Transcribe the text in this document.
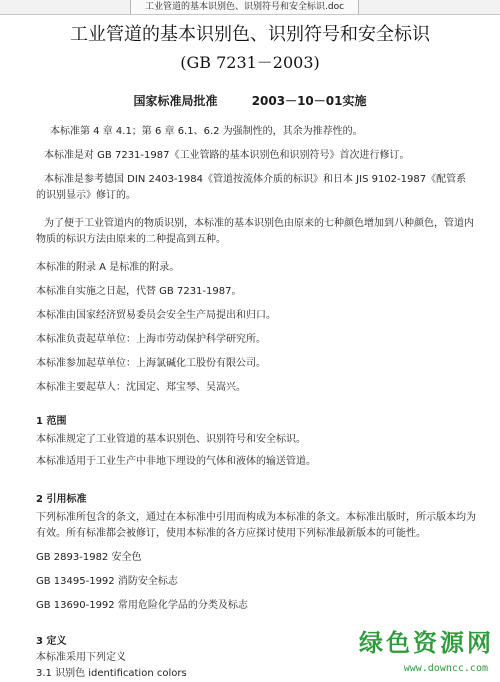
工业管道的基本识别色、识别符号和安全标识.doc
工业管道的基本识别色、识别符号和安全标识
(GB 7231－2003)
国家标准局批准	2003－10－01实施
本标准第 4 章 4.1；第 6 章 6.1、6.2 为强制性的，其余为推荐性的。
本标准是对 GB 7231-1987《工业管路的基本识别色和识别符号》首次进行修订。
本标准是参考德国 DIN 2403-1984《管道按流体介质的标识》和日本 JIS 9102-1987《配管系的识别显示》修订的。
为了便于工业管道内的物质识别，本标准的基本识别色由原来的七种颜色增加到八种颜色，管道内物质的标识方法由原来的二种提高到五种。
本标准的附录 A 是标准的附录。
本标准自实施之日起，代替 GB 7231-1987。
本标准由国家经济贸易委员会安全生产局提出和归口。
本标准负责起草单位：上海市劳动保护科学研究所。
本标准参加起草单位：上海氯碱化工股份有限公司。
本标准主要起草人：沈国定、郑宝琴、吴嵩兴。
1 范围
本标准规定了工业管道的基本识别色、识别符号和安全标识。
本标准适用于工业生产中非地下埋设的气体和液体的输送管道。
2 引用标准
下列标准所包含的条文，通过在本标准中引用而构成为本标准的条文。本标准出版时，所示版本均为有效。所有标准都会被修订，使用本标准的各方应探讨使用下列标准最新版本的可能性。
GB 2893-1982 安全色
GB 13495-1992 消防安全标志
GB 13690-1992 常用危险化学品的分类及标志
3 定义
本标准采用下列定义
3.1 识别色 identification colors
绿色资源网
www.downcc.com
